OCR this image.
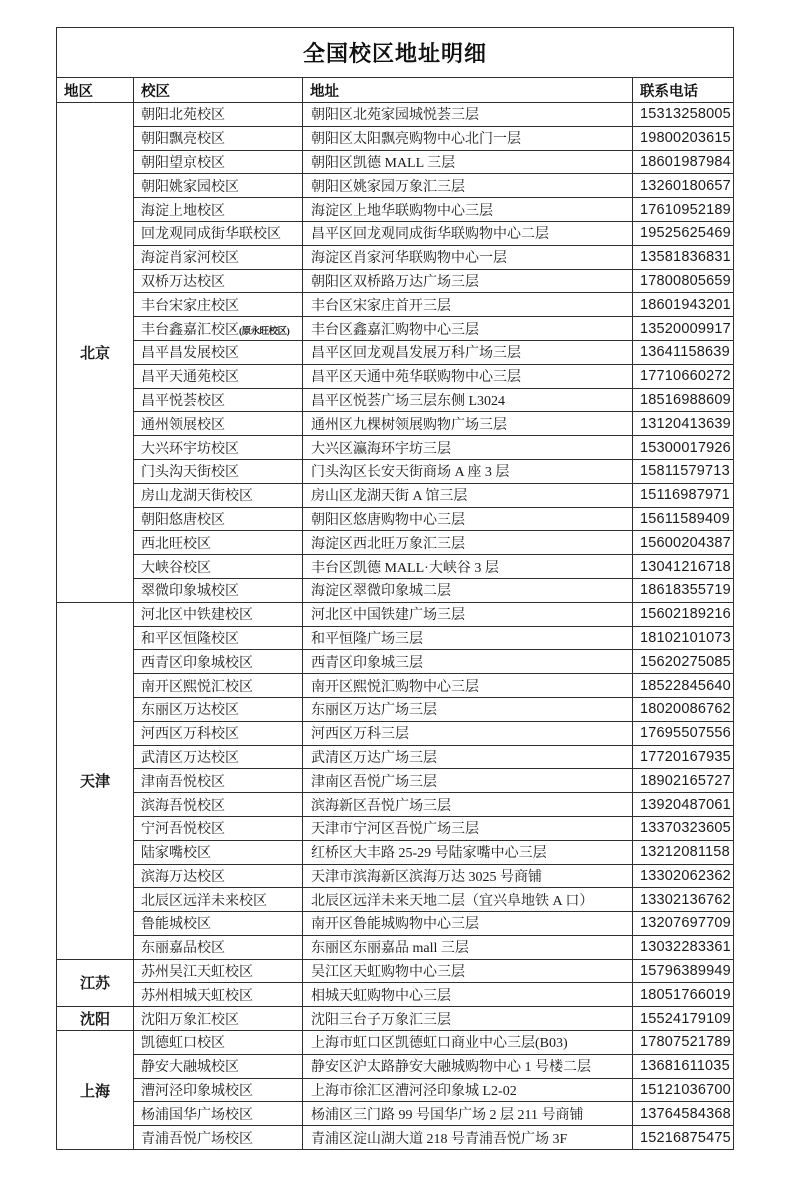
全国校区地址明细			
地区	校区	地址	联系电话
北京	朝阳北苑校区	朝阳区北苑家园城悦荟三层	15313258005
	朝阳飘亮校区	朝阳区太阳飘亮购物中心北门一层	19800203615
	朝阳望京校区	朝阳区凯德 MALL 三层	18601987984
	朝阳姚家园校区	朝阳区姚家园万象汇三层	13260180657
	海淀上地校区	海淀区上地华联购物中心三层	17610952189
	回龙观同成街华联校区	昌平区回龙观同成街华联购物中心二层	19525625469
	海淀肖家河校区	海淀区肖家河华联购物中心一层	13581836831
	双桥万达校区	朝阳区双桥路万达广场三层	17800805659
	丰台宋家庄校区	丰台区宋家庄首开三层	18601943201
	丰台鑫嘉汇校区(原永旺校区)	丰台区鑫嘉汇购物中心三层	13520009917
	昌平昌发展校区	昌平区回龙观昌发展万科广场三层	13641158639
	昌平天通苑校区	昌平区天通中苑华联购物中心三层	17710660272
	昌平悦荟校区	昌平区悦荟广场三层东侧 L3024	18516988609
	通州领展校区	通州区九棵树领展购物广场三层	13120413639
	大兴环宇坊校区	大兴区瀛海环宇坊三层	15300017926
	门头沟天街校区	门头沟区长安天街商场 A 座 3 层	15811579713
	房山龙湖天街校区	房山区龙湖天街 A 馆三层	15116987971
	朝阳悠唐校区	朝阳区悠唐购物中心三层	15611589409
	西北旺校区	海淀区西北旺万象汇三层	15600204387
	大峡谷校区	丰台区凯德 MALL·大峡谷 3 层	13041216718
	翠微印象城校区	海淀区翠微印象城二层	18618355719
天津	河北区中铁建校区	河北区中国铁建广场三层	15602189216
	和平区恒隆校区	和平恒隆广场三层	18102101073
	西青区印象城校区	西青区印象城三层	15620275085
	南开区熙悦汇校区	南开区熙悦汇购物中心三层	18522845640
	东丽区万达校区	东丽区万达广场三层	18020086762
	河西区万科校区	河西区万科三层	17695507556
	武清区万达校区	武清区万达广场三层	17720167935
	津南吾悦校区	津南区吾悦广场三层	18902165727
	滨海吾悦校区	滨海新区吾悦广场三层	13920487061
	宁河吾悦校区	天津市宁河区吾悦广场三层	13370323605
	陆家嘴校区	红桥区大丰路 25-29 号陆家嘴中心三层	13212081158
	滨海万达校区	天津市滨海新区滨海万达 3025 号商铺	13302062362
	北辰区远洋未来校区	北辰区远洋未来天地二层（宜兴阜地铁 A 口）	13302136762
	鲁能城校区	南开区鲁能城购物中心三层	13207697709
	东丽嘉品校区	东丽区东丽嘉品 mall 三层	13032283361
江苏	苏州吴江天虹校区	吴江区天虹购物中心三层	15796389949
	苏州相城天虹校区	相城天虹购物中心三层	18051766019
沈阳	沈阳万象汇校区	沈阳三台子万象汇三层	15524179109
上海	凯德虹口校区	上海市虹口区凯德虹口商业中心三层(B03)	17807521789
	静安大融城校区	静安区沪太路静安大融城购物中心 1 号楼二层	13681611035
	漕河泾印象城校区	上海市徐汇区漕河泾印象城 L2-02	15121036700
	杨浦国华广场校区	杨浦区三门路 99 号国华广场 2 层 211 号商铺	13764584368
	青浦吾悦广场校区	青浦区淀山湖大道 218 号青浦吾悦广场 3F	15216875475
